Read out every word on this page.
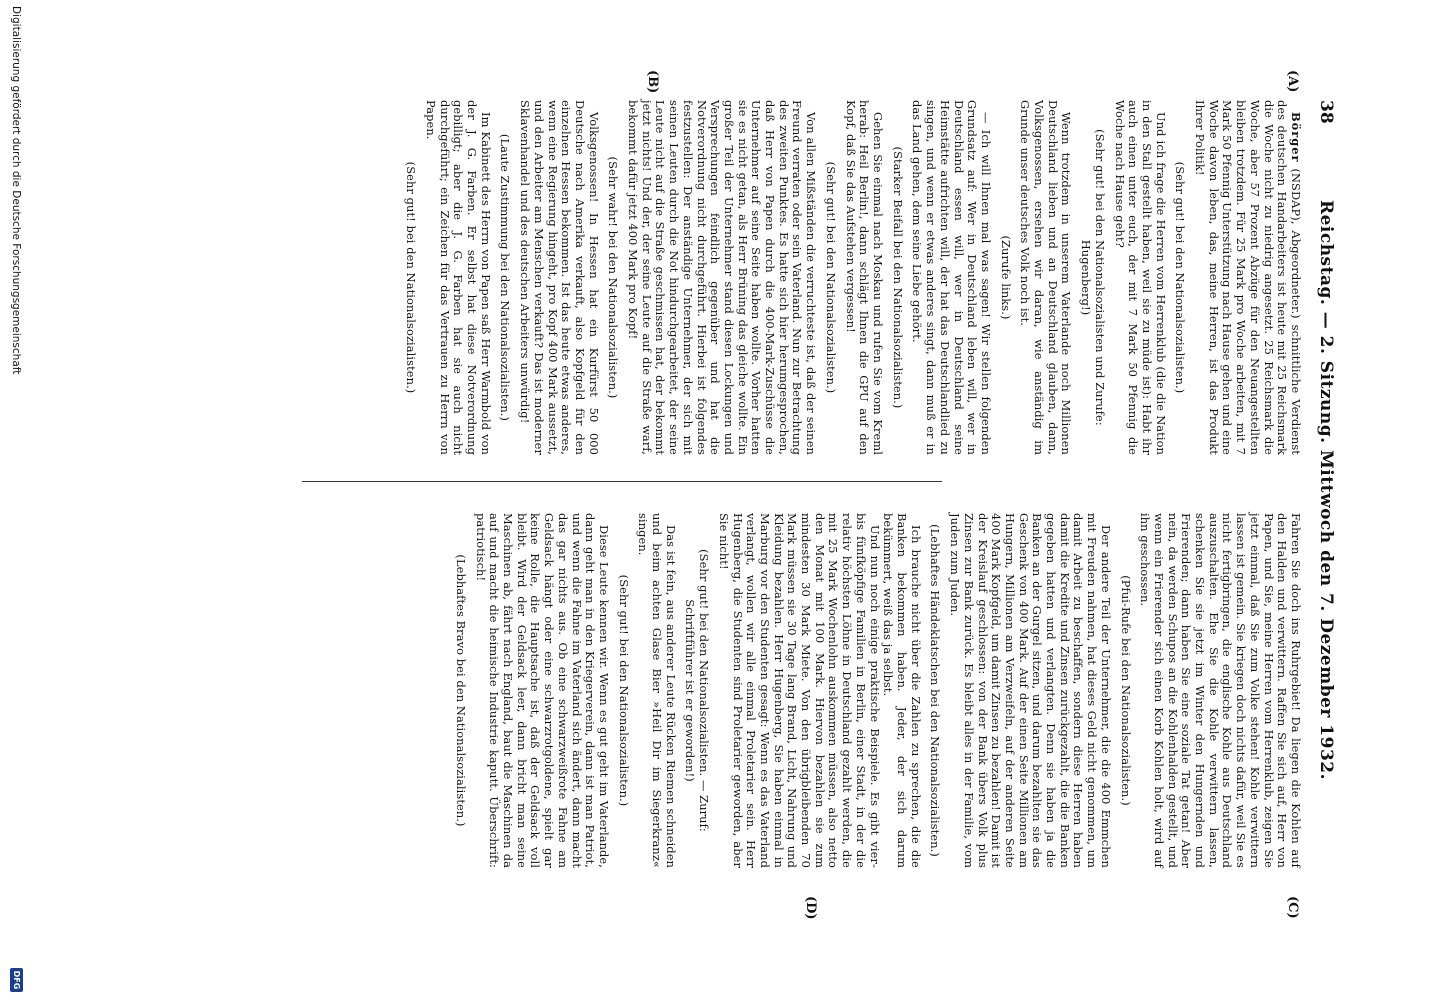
38
Reichstag. — 2. Sitzung. Mittwoch den 7. Dezember 1932.
(A)
(B)
(C)
(D)

Börger (NSDAP), Abgeordneter.) schnittliche Verdienst des deutschen Handarbeiters ist heute mit 25 Reichsmark die Woche nicht zu niedrig angesetzt. 25 Reichsmark die Woche, aber 57 Prozent Abzüge für den Neuangestellten bleiben trotzdem. Für 25 Mark pro Woche arbeiten, mit 7 Mark 50 Pfennig Unterstützung nach Hause gehen und eine Woche davon leben, das, meine Herren, ist das Produkt Ihrer Politik!

(Sehr gut! bei den Nationalsozialisten.)

Und ich frage die Herren vom Herrenklub (die die Nation in den Stall gestellt haben, weil sie zu müde ist): Habt ihr auch einen unter euch, der mit 7 Mark 50 Pfennig die Woche nach Hause geht?

(Sehr gut! bei den Nationalsozialisten und Zurufe: Hugenberg!)

Wenn trotzdem in unserem Vaterlande noch Millionen Deutschland lieben und an Deutschland glauben, dann, Volksgenossen, ersehen wir daran, wie anständig im Grunde unser deutsches Volk noch ist.

(Zurufe links.)

— Ich will Ihnen mal was sagen! Wir stellen folgenden Grundsatz auf: Wer in Deutschland leben will, wer in Deutschland essen will, wer in Deutschland seine Heimstätte aufrichten will, der hat das Deutschlandlied zu singen, und wenn er etwas anderes singt, dann muß er in das Land gehen, dem seine Liebe gehört.

(Starker Beifall bei den Nationalsozialisten.)

Gehen Sie einmal nach Moskau und rufen Sie vom Kreml herab: Heil Berlin!, dann schlägt Ihnen die GPU auf den Kopf, daß Sie das Aufstehen vergessen!

(Sehr gut! bei den Nationalsozialisten.)

Von allen Mißständen die verruchteste ist, daß der seinen Freund verraten oder sein Vaterland. Nun zur Betrachtung des zweiten Punktes. Es hatte sich hier herumgesprochen, daß Herr von Papen durch die 400-Mark-Zuschüsse die Unternehmer auf seine Seite haben wollte. Vorher hatten sie es nicht getan, als Herr Brüning das gleiche wollte. Ein großer Teil der Unternehmer stand diesen Lockungen und Versprechungen feindlich gegenüber und hat die Notverordnung nicht durchgeführt. Hierbei ist folgendes festzustellen: Der anständige Unternehmer, der sich mit seinen Leuten durch die Not hindurchgearbeitet, der seine Leute nicht auf die Straße geschmissen hat, der bekommt jetzt nichts! Und der, der seine Leute auf die Straße warf, bekommt dafür jetzt 400 Mark pro Kopf!

(Sehr wahr! bei den Nationalsozialisten.)

Volksgenossen! In Hessen hat ein Kurfürst 50 000 Deutsche nach Amerika verkauft, also Kopfgeld für den einzelnen Hessen bekommen. Ist das heute etwas anderes, wenn eine Regierung hingeht, pro Kopf 400 Mark aussetzt, und den Arbeiter am Menschen verkauft? Das ist moderner Sklavenhandel und des deutschen Arbeiters unwürdig!

(Laute Zustimmung bei den Nationalsozialisten.)

Im Kabinett des Herrn von Papen saß Herr Warmbold von der J. G. Farben. Er selbst hat diese Notverordnung gebilligt; aber die J. G. Farben hat sie auch nicht durchgeführt; ein Zeichen für das Vertrauen zu Herrn von Papen.

(Sehr gut! bei den Nationalsozialisten.)

Fahren Sie doch ins Ruhrgebiet! Da liegen die Kohlen auf den Halden und verwittern. Raffen Sie sich auf, Herr von Papen, und Sie, meine Herren vom Herrenklub, zeigen Sie jetzt einmal, daß Sie zum Volke stehen! Kohle verwittern lassen ist gemein. Sie kriegen doch nichts dafür, weil Sie es nicht fertigbringen, die englische Kohle aus Deutschland auszuschalten. Ehe Sie die Kohle verwittern lassen, schenken Sie sie jetzt im Winter den Hungernden und Frierenden; dann haben Sie eine soziale Tat getan! Aber nein, da werden Schupos an die Kohlenhalden gestellt, und wenn ein Frierender sich einen Korb Kohlen holt, wird auf ihn geschossen.

(Pfui-Rufe bei den Nationalsozialisten.)

Der andere Teil der Unternehmer, die die 400 Emmchen mit Freuden nahmen, hat dieses Geld nicht genommen, um damit Arbeit zu beschaffen, sondern diese Herren haben damit die Kredite und Zinsen zurückgezahlt, die die Banken gegeben hatten und verlangten. Denn sie haben ja die Banken an der Gurgel sitzen, und darum bezahlten sie das Geschenk von 400 Mark. Auf der einen Seite Millionen am Hungern, Millionen am Verzweifeln, auf der anderen Seite 400 Mark Kopfgeld, um damit Zinsen zu bezahlen! Damit ist der Kreislauf geschlossen: von der Bank übers Volk plus Zinsen zur Bank zurück. Es bleibt alles in der Familie, vom Juden zum Juden.

(Lebhaftes Händeklatschen bei den Nationalsozialisten.)

Ich brauche nicht über die Zahlen zu sprechen, die die Banken bekommen haben. Jeder, der sich darum bekümmert, weiß das ja selbst.

Und nun noch einige praktische Beispiele. Es gibt vier- bis fünfköpfige Familien in Berlin, einer Stadt, in der die relativ höchsten Löhne in Deutschland gezahlt werden, die mit 25 Mark Wochenlohn auskommen müssen, also netto den Monat mit 100 Mark. Hiervon bezahlen sie zum mindesten 30 Mark Miete. Von den übrigbleibenden 70 Mark müssen sie 30 Tage lang Brand, Licht, Nahrung und Kleidung bezahlen. Herr Hugenberg, Sie haben einmal in Marburg vor den Studenten gesagt: Wenn es das Vaterland verlangt, wollen wir alle einmal Proletarier sein. Herr Hugenberg, die Studenten sind Proletarier geworden, aber Sie nicht!

(Sehr gut! bei den Nationalsozialisten. — Zuruf: Schriftführer ist er geworden!)

Das ist fein, aus anderer Leute Rücken Riemen schneiden und beim achten Glase Bier »Heil Dir im Siegerkranz« singen.

(Sehr gut! bei den Nationalsozialisten.)

Diese Leute kennen wir. Wenn es gut geht im Vaterlande, dann geht man in den Kriegerverein, dann ist man Patriot, und wenn die Fahne im Vaterland sich ändert, dann macht das gar nichts aus. Ob eine schwarzweißrote Fahne am Geldsack hängt oder eine schwarzrotgoldene, spielt gar keine Rolle, die Hauptsache ist, daß der Geldsack voll bleibt. Wird der Geldsack leer, dann bricht man seine Maschinen ab, fährt nach England, baut die Maschinen da auf und macht die heimische Industrie kaputt. Überschrift: patriotisch!

(Lebhaftes Bravo bei den Nationalsozialisten.)

Digitalisierung gefördert durch die Deutsche Forschungsgemeinschaft
DFG
